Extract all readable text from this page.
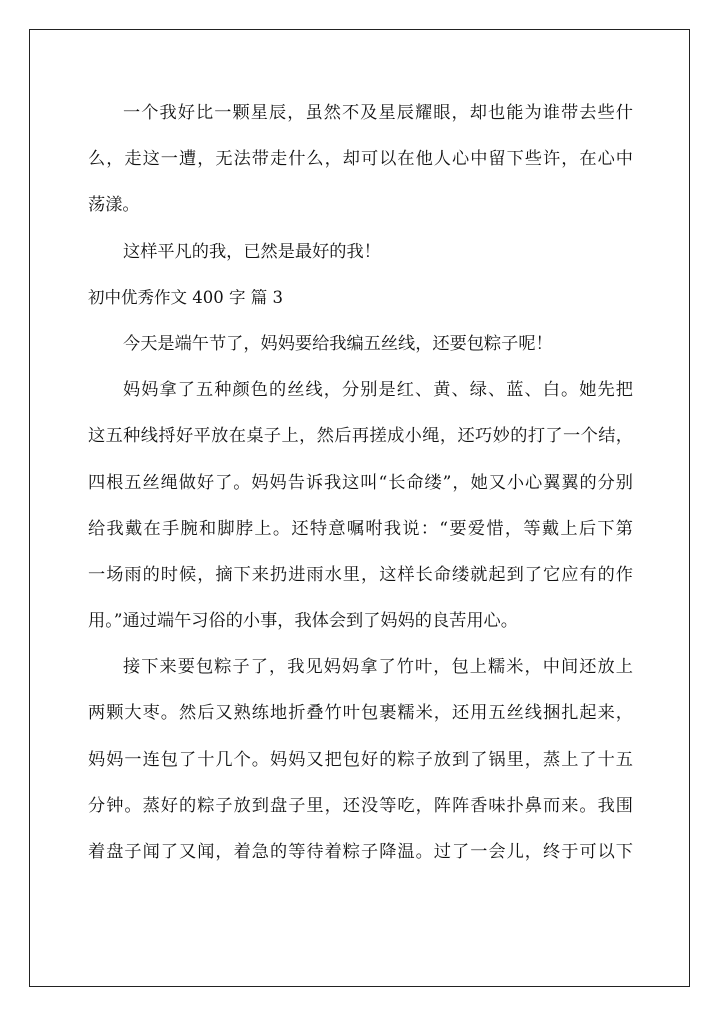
一个我好比一颗星辰，虽然不及星辰耀眼，却也能为谁带去些什
么，走这一遭，无法带走什么，却可以在他人心中留下些许，在心中
荡漾。
这样平凡的我，已然是最好的我！
初中优秀作文 400 字 篇 3
今天是端午节了，妈妈要给我编五丝线，还要包粽子呢！
妈妈拿了五种颜色的丝线，分别是红、黄、绿、蓝、白。她先把
这五种线捋好平放在桌子上，然后再搓成小绳，还巧妙的打了一个结，
四根五丝绳做好了。妈妈告诉我这叫“长命缕”，她又小心翼翼的分别
给我戴在手腕和脚脖上。还特意嘱咐我说：“要爱惜，等戴上后下第
一场雨的时候，摘下来扔进雨水里，这样长命缕就起到了它应有的作
用。”通过端午习俗的小事，我体会到了妈妈的良苦用心。
接下来要包粽子了，我见妈妈拿了竹叶，包上糯米，中间还放上
两颗大枣。然后又熟练地折叠竹叶包裹糯米，还用五丝线捆扎起来，
妈妈一连包了十几个。妈妈又把包好的粽子放到了锅里，蒸上了十五
分钟。蒸好的粽子放到盘子里，还没等吃，阵阵香味扑鼻而来。我围
着盘子闻了又闻，着急的等待着粽子降温。过了一会儿，终于可以下
